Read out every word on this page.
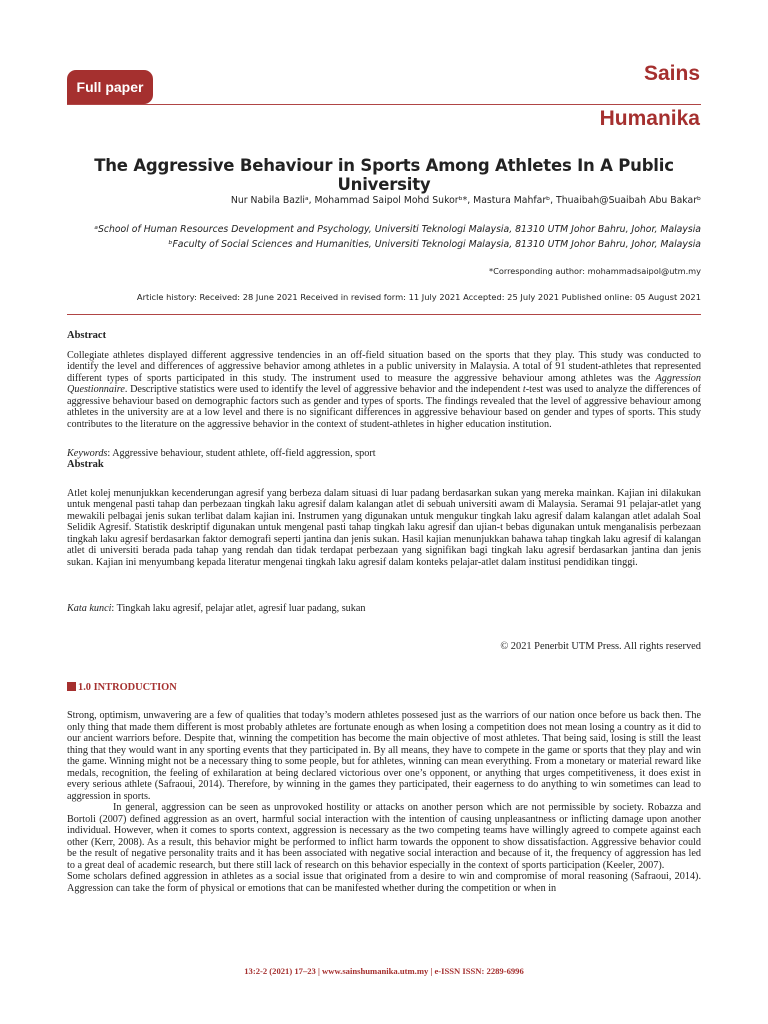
Full paper
Sains
Humanika
The Aggressive Behaviour in Sports Among Athletes In A Public University
Nur Nabila Bazliᵃ, Mohammad Saipol Mohd Sukorᵇ*, Mastura Mahfarᵇ, Thuaibah@Suaibah Abu Bakarᵇ
ᵃSchool of Human Resources Development and Psychology, Universiti Teknologi Malaysia, 81310 UTM Johor Bahru, Johor, Malaysia
ᵇFaculty of Social Sciences and Humanities, Universiti Teknologi Malaysia, 81310 UTM Johor Bahru, Johor, Malaysia
*Corresponding author: mohammadsaipol@utm.my
Article history: Received: 28 June 2021 Received in revised form: 11 July 2021 Accepted: 25 July 2021 Published online: 05 August 2021
Abstract
Collegiate athletes displayed different aggressive tendencies in an off-field situation based on the sports that they play. This study was conducted to identify the level and differences of aggressive behavior among athletes in a public university in Malaysia. A total of 91 student-athletes that represented different types of sports participated in this study. The instrument used to measure the aggressive behaviour among athletes was the Aggression Questionnaire. Descriptive statistics were used to identify the level of aggressive behavior and the independent t-test was used to analyze the differences of aggressive behaviour based on demographic factors such as gender and types of sports. The findings revealed that the level of aggressive behaviour among athletes in the university are at a low level and there is no significant differences in aggressive behaviour based on gender and types of sports. This study contributes to the literature on the aggressive behavior in the context of student-athletes in higher education institution.
Keywords: Aggressive behaviour, student athlete, off-field aggression, sport
Abstrak
Atlet kolej menunjukkan kecenderungan agresif yang berbeza dalam situasi di luar padang berdasarkan sukan yang mereka mainkan. Kajian ini dilakukan untuk mengenal pasti tahap dan perbezaan tingkah laku agresif dalam kalangan atlet di sebuah universiti awam di Malaysia. Seramai 91 pelajar-atlet yang mewakili pelbagai jenis sukan terlibat dalam kajian ini. Instrumen yang digunakan untuk mengukur tingkah laku agresif dalam kalangan atlet adalah Soal Selidik Agresif. Statistik deskriptif digunakan untuk mengenal pasti tahap tingkah laku agresif dan ujian-t bebas digunakan untuk menganalisis perbezaan tingkah laku agresif berdasarkan faktor demografi seperti jantina dan jenis sukan. Hasil kajian menunjukkan bahawa tahap tingkah laku agresif di kalangan atlet di universiti berada pada tahap yang rendah dan tidak terdapat perbezaan yang signifikan bagi tingkah laku agresif berdasarkan jantina dan jenis sukan. Kajian ini menyumbang kepada literatur mengenai tingkah laku agresif dalam konteks pelajar-atlet dalam institusi pendidikan tinggi.
Kata kunci: Tingkah laku agresif, pelajar atlet, agresif luar padang, sukan
© 2021 Penerbit UTM Press. All rights reserved
1.0 INTRODUCTION

Strong, optimism, unwavering are a few of qualities that today’s modern athletes possesed just as the warriors of our nation once before us back then. The only thing that made them different is most probably athletes are fortunate enough as when losing a competition does not mean losing a country as it did to our ancient warriors before. Despite that, winning the competition has become the main objective of most athletes. That being said, losing is still the least thing that they would want in any sporting events that they participated in. By all means, they have to compete in the game or sports that they play and win the game. Winning might not be a necessary thing to some people, but for athletes, winning can mean everything. From a monetary or material reward like medals, recognition, the feeling of exhilaration at being declared victorious over one’s opponent, or anything that urges competitiveness, it does exist in every serious athlete (Safraoui, 2014). Therefore, by winning in the games they participated, their eagerness to do anything to win sometimes can lead to aggression in sports.

In general, aggression can be seen as unprovoked hostility or attacks on another person which are not permissible by society. Robazza and Bortoli (2007) defined aggression as an overt, harmful social interaction with the intention of causing unpleasantness or inflicting damage upon another individual. However, when it comes to sports context, aggression is necessary as the two competing teams have willingly agreed to compete against each other (Kerr, 2008). As a result, this behavior might be performed to inflict harm towards the opponent to show dissatisfaction. Aggressive behavior could be the result of negative personality traits and it has been associated with negative social interaction and because of it, the frequency of aggression has led to a great deal of academic research, but there still lack of research on this behavior especially in the context of sports participation (Keeler, 2007).

Some scholars defined aggression in athletes as a social issue that originated from a desire to win and compromise of moral reasoning (Safraoui, 2014). Aggression can take the form of physical or emotions that can be manifested whether during the competition or when in

13:2-2 (2021) 17–23 | www.sainshumanika.utm.my | e-ISSN ISSN: 2289-6996
